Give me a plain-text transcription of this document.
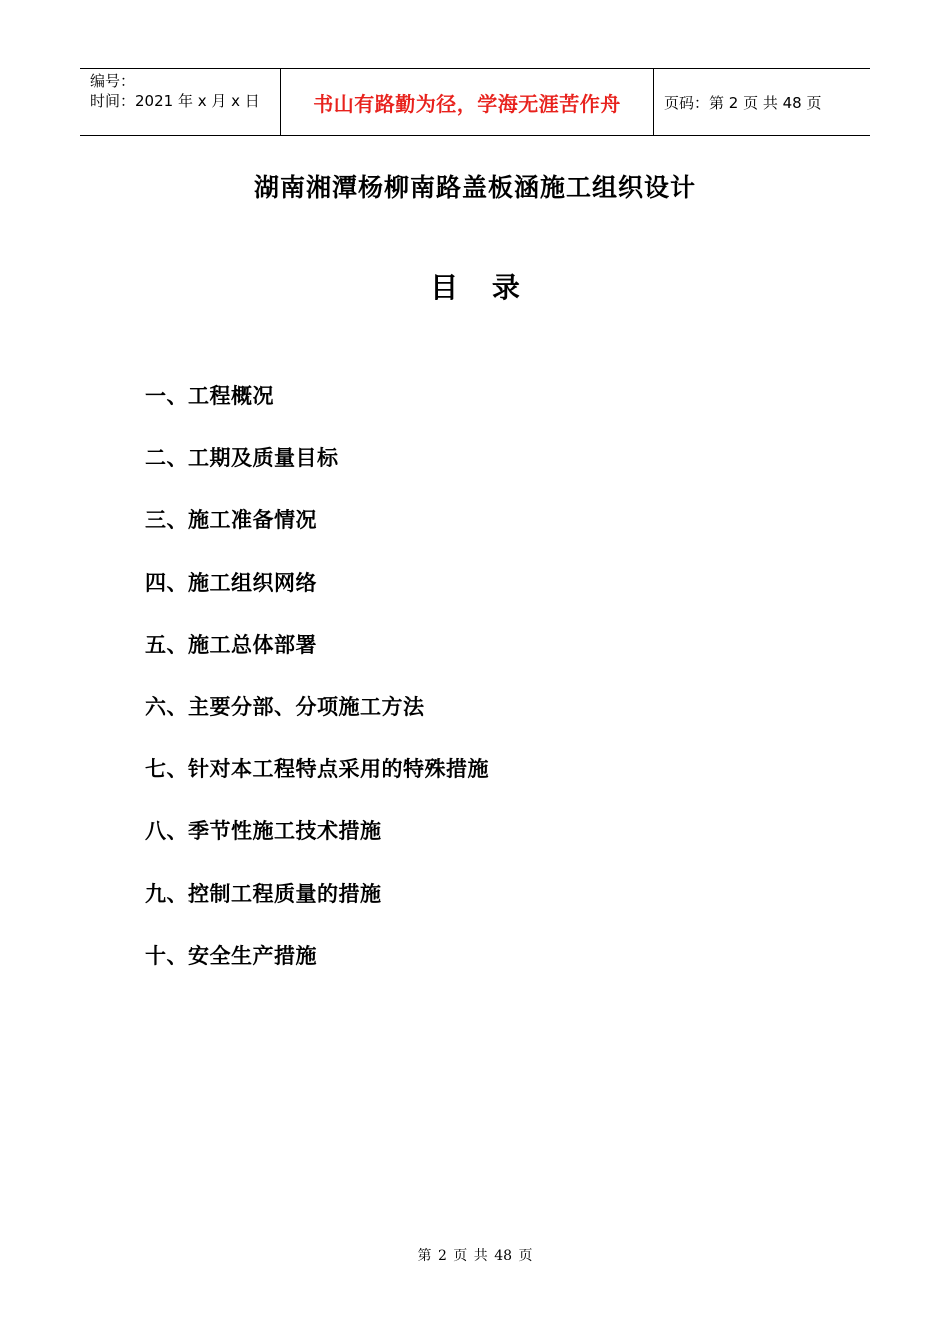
编号：
时间：2021 年 x 月 x 日	书山有路勤为径，学海无涯苦作舟	页码：第 2 页 共 48 页
湖南湘潭杨柳南路盖板涵施工组织设计
目 录
一、工程概况
二、工期及质量目标
三、施工准备情况
四、施工组织网络
五、施工总体部署
六、主要分部、分项施工方法
七、针对本工程特点采用的特殊措施
八、季节性施工技术措施
九、控制工程质量的措施
十、安全生产措施
第 2 页 共 48 页
